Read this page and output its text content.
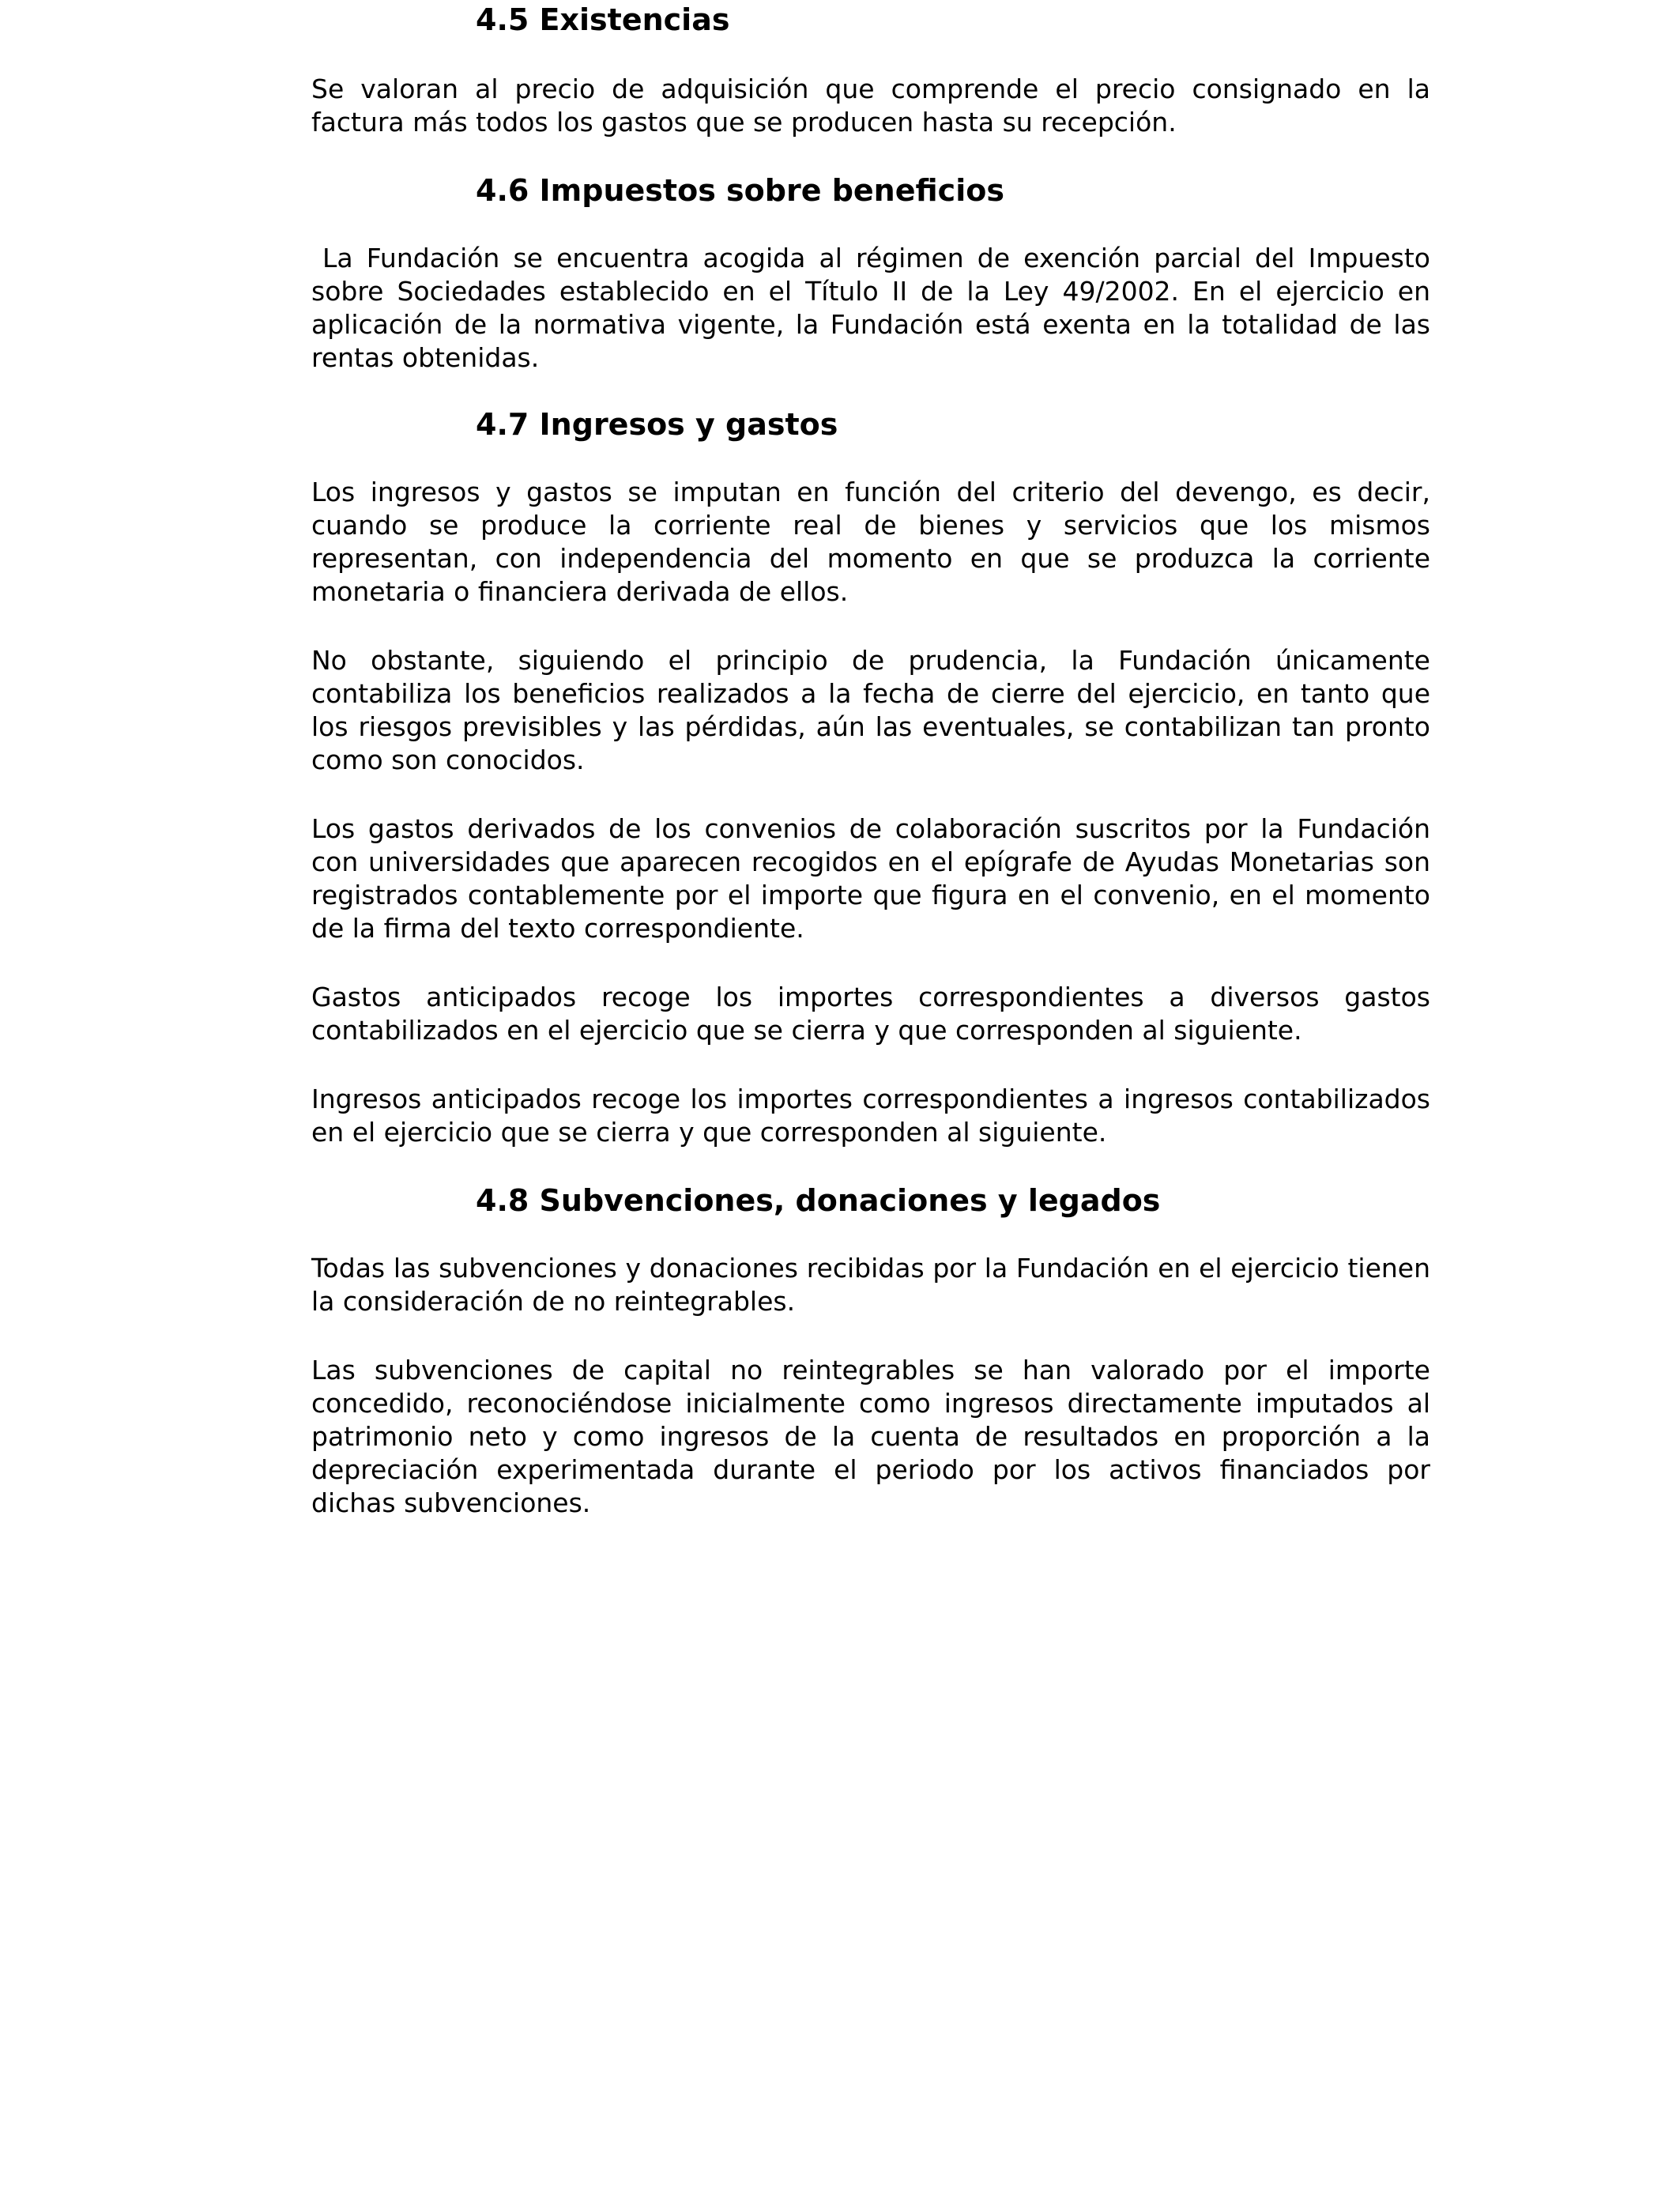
4.5 Existencias

Se valoran al precio de adquisición que comprende el precio consignado en la factura más todos los gastos que se producen hasta su recepción.

4.6 Impuestos sobre beneficios

La Fundación se encuentra acogida al régimen de exención parcial del Impuesto sobre Sociedades establecido en el Título II de la Ley 49/2002. En el ejercicio en aplicación de la normativa vigente, la Fundación está exenta en la totalidad de las rentas obtenidas.

4.7 Ingresos y gastos

Los ingresos y gastos se imputan en función del criterio del devengo, es decir, cuando se produce la corriente real de bienes y servicios que los mismos representan, con independencia del momento en que se produzca la corriente monetaria o financiera derivada de ellos.

No obstante, siguiendo el principio de prudencia, la Fundación únicamente contabiliza los beneficios realizados a la fecha de cierre del ejercicio, en tanto que los riesgos previsibles y las pérdidas, aún las eventuales, se contabilizan tan pronto como son conocidos.

Los gastos derivados de los convenios de colaboración suscritos por la Fundación con universidades que aparecen recogidos en el epígrafe de Ayudas Monetarias son registrados contablemente por el importe que figura en el convenio, en el momento de la firma del texto correspondiente.

Gastos anticipados recoge los importes correspondientes a diversos gastos contabilizados en el ejercicio que se cierra y que corresponden al siguiente.

Ingresos anticipados recoge los importes correspondientes a ingresos contabilizados en el ejercicio que se cierra y que corresponden al siguiente.

4.8 Subvenciones, donaciones y legados

Todas las subvenciones y donaciones recibidas por la Fundación en el ejercicio tienen la consideración de no reintegrables.

Las subvenciones de capital no reintegrables se han valorado por el importe concedido, reconociéndose inicialmente como ingresos directamente imputados al patrimonio neto y como ingresos de la cuenta de resultados en proporción a la depreciación experimentada durante el periodo por los activos financiados por dichas subvenciones.
